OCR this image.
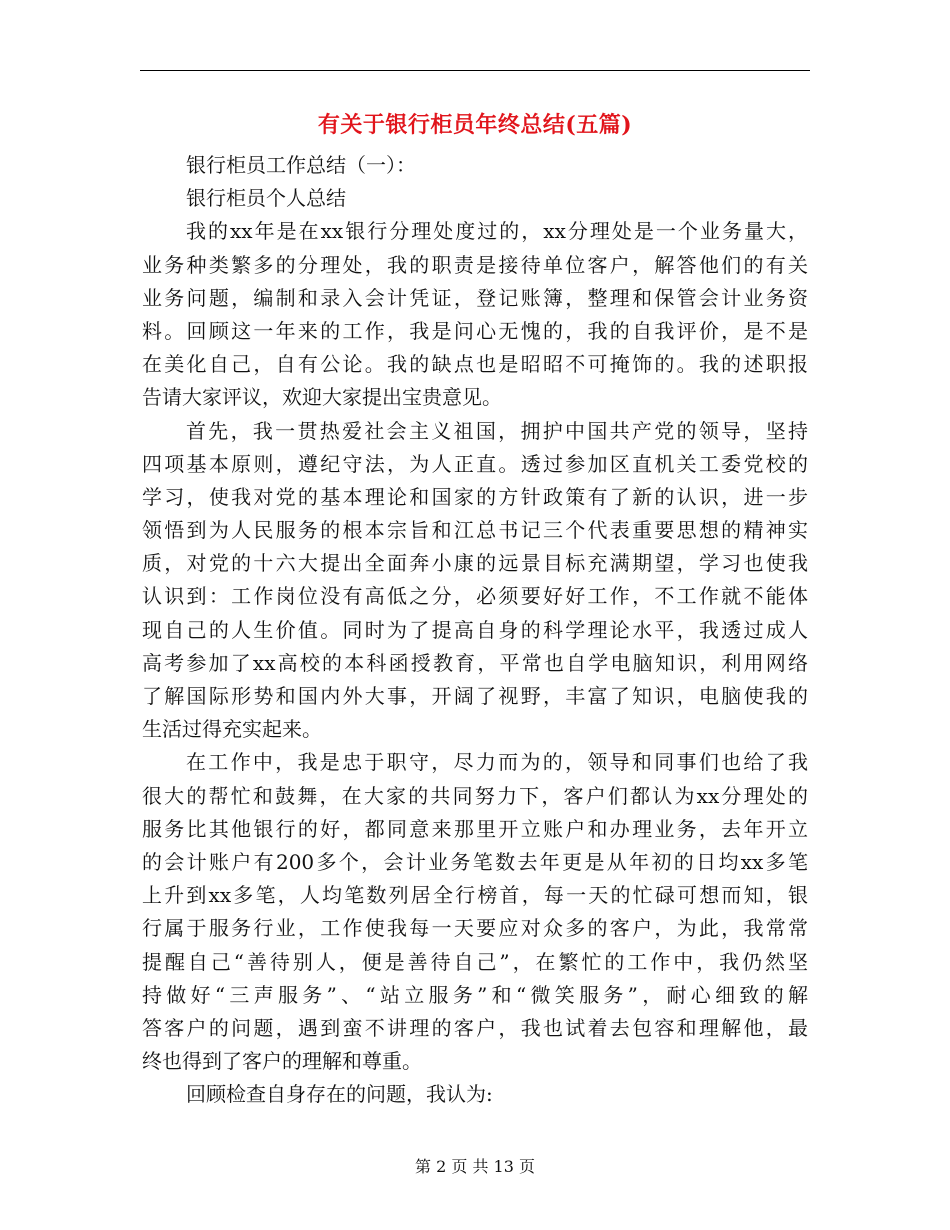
有关于银行柜员年终总结(五篇)
银行柜员工作总结（一）：
银行柜员个人总结
我的xx年是在xx银行分理处度过的，xx分理处是一个业务量大，
业务种类繁多的分理处，我的职责是接待单位客户，解答他们的有关
业务问题，编制和录入会计凭证，登记账簿，整理和保管会计业务资
料。回顾这一年来的工作，我是问心无愧的，我的自我评价，是不是
在美化自己，自有公论。我的缺点也是昭昭不可掩饰的。我的述职报
告请大家评议，欢迎大家提出宝贵意见。
首先，我一贯热爱社会主义祖国，拥护中国共产党的领导，坚持
四项基本原则，遵纪守法，为人正直。透过参加区直机关工委党校的
学习，使我对党的基本理论和国家的方针政策有了新的认识，进一步
领悟到为人民服务的根本宗旨和江总书记三个代表重要思想的精神实
质，对党的十六大提出全面奔小康的远景目标充满期望，学习也使我
认识到：工作岗位没有高低之分，必须要好好工作，不工作就不能体
现自己的人生价值。同时为了提高自身的科学理论水平，我透过成人
高考参加了xx高校的本科函授教育，平常也自学电脑知识，利用网络
了解国际形势和国内外大事，开阔了视野，丰富了知识，电脑使我的
生活过得充实起来。
在工作中，我是忠于职守，尽力而为的，领导和同事们也给了我
很大的帮忙和鼓舞，在大家的共同努力下，客户们都认为xx分理处的
服务比其他银行的好，都同意来那里开立账户和办理业务，去年开立
的会计账户有200多个，会计业务笔数去年更是从年初的日均xx多笔
上升到xx多笔，人均笔数列居全行榜首，每一天的忙碌可想而知，银
行属于服务行业，工作使我每一天要应对众多的客户，为此，我常常
提醒自己“善待别人，便是善待自己”，在繁忙的工作中，我仍然坚
持做好“三声服务”、“站立服务”和“微笑服务”，耐心细致的解
答客户的问题，遇到蛮不讲理的客户，我也试着去包容和理解他，最
终也得到了客户的理解和尊重。
回顾检查自身存在的问题，我认为:
第 2 页 共 13 页
